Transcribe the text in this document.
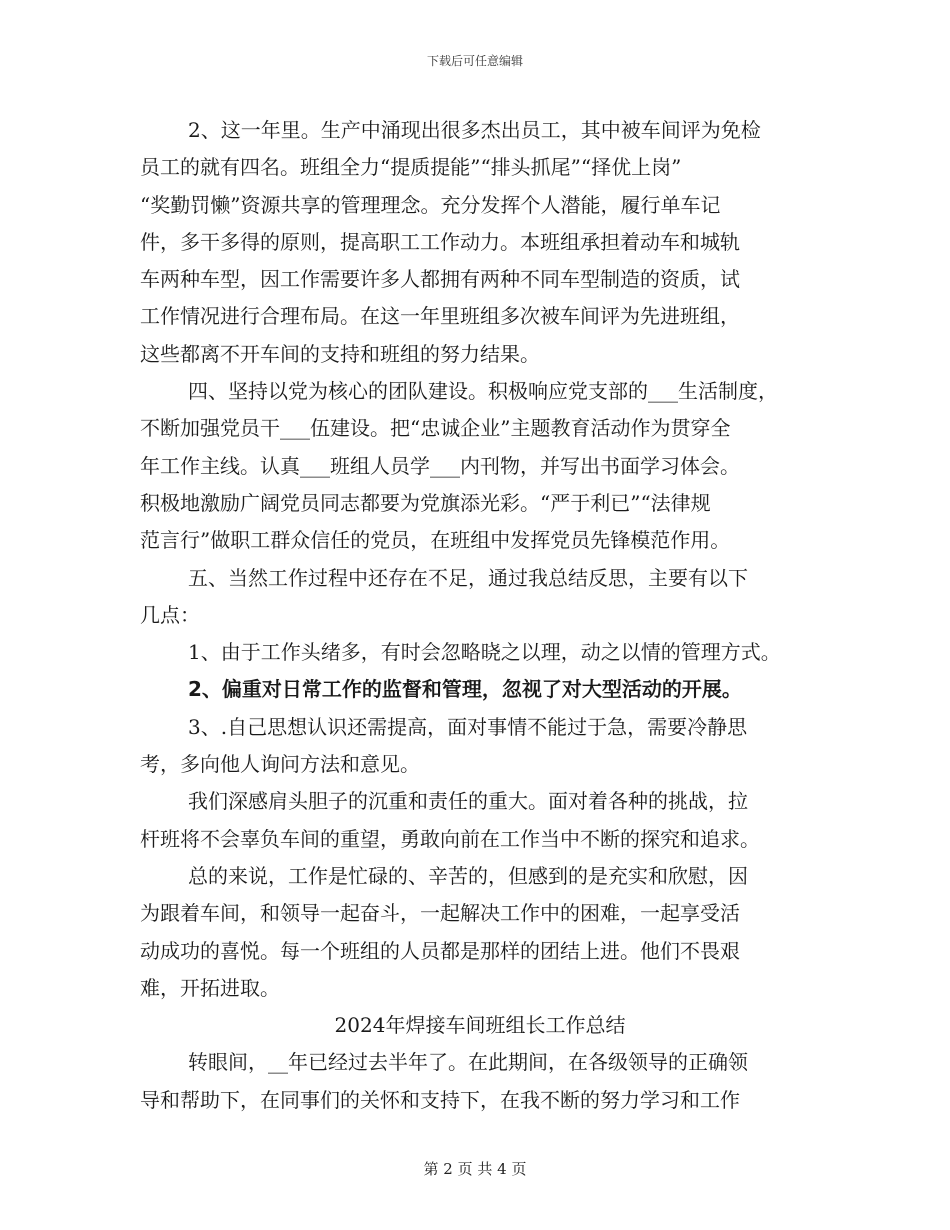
下载后可任意编辑
2、这一年里。生产中涌现出很多杰出员工，其中被车间评为免检
员工的就有四名。班组全力“提质提能”“排头抓尾”“择优上岗”
“奖勤罚懒”资源共享的管理理念。充分发挥个人潜能，履行单车记
件，多干多得的原则，提高职工工作动力。本班组承担着动车和城轨
车两种车型，因工作需要许多人都拥有两种不同车型制造的资质，试
工作情况进行合理布局。在这一年里班组多次被车间评为先进班组，
这些都离不开车间的支持和班组的努力结果。
四、坚持以党为核心的团队建设。积极响应党支部的___生活制度，
不断加强党员干___伍建设。把“忠诚企业”主题教育活动作为贯穿全
年工作主线。认真___班组人员学___内刊物，并写出书面学习体会。
积极地激励广阔党员同志都要为党旗添光彩。“严于利已”“法律规
范言行”做职工群众信任的党员，在班组中发挥党员先锋模范作用。
五、当然工作过程中还存在不足，通过我总结反思，主要有以下
几点：
1、由于工作头绪多，有时会忽略晓之以理，动之以情的管理方式。
2、偏重对日常工作的监督和管理，忽视了对大型活动的开展。
3、.自己思想认识还需提高，面对事情不能过于急，需要冷静思
考，多向他人询问方法和意见。
我们深感肩头胆子的沉重和责任的重大。面对着各种的挑战，拉
杆班将不会辜负车间的重望，勇敢向前在工作当中不断的探究和追求。
总的来说，工作是忙碌的、辛苦的，但感到的是充实和欣慰，因
为跟着车间，和领导一起奋斗，一起解决工作中的困难，一起享受活
动成功的喜悦。每一个班组的人员都是那样的团结上进。他们不畏艰
难，开拓进取。
2024年焊接车间班组长工作总结
转眼间，__年已经过去半年了。在此期间，在各级领导的正确领
导和帮助下，在同事们的关怀和支持下，在我不断的努力学习和工作
第 2 页 共 4 页
